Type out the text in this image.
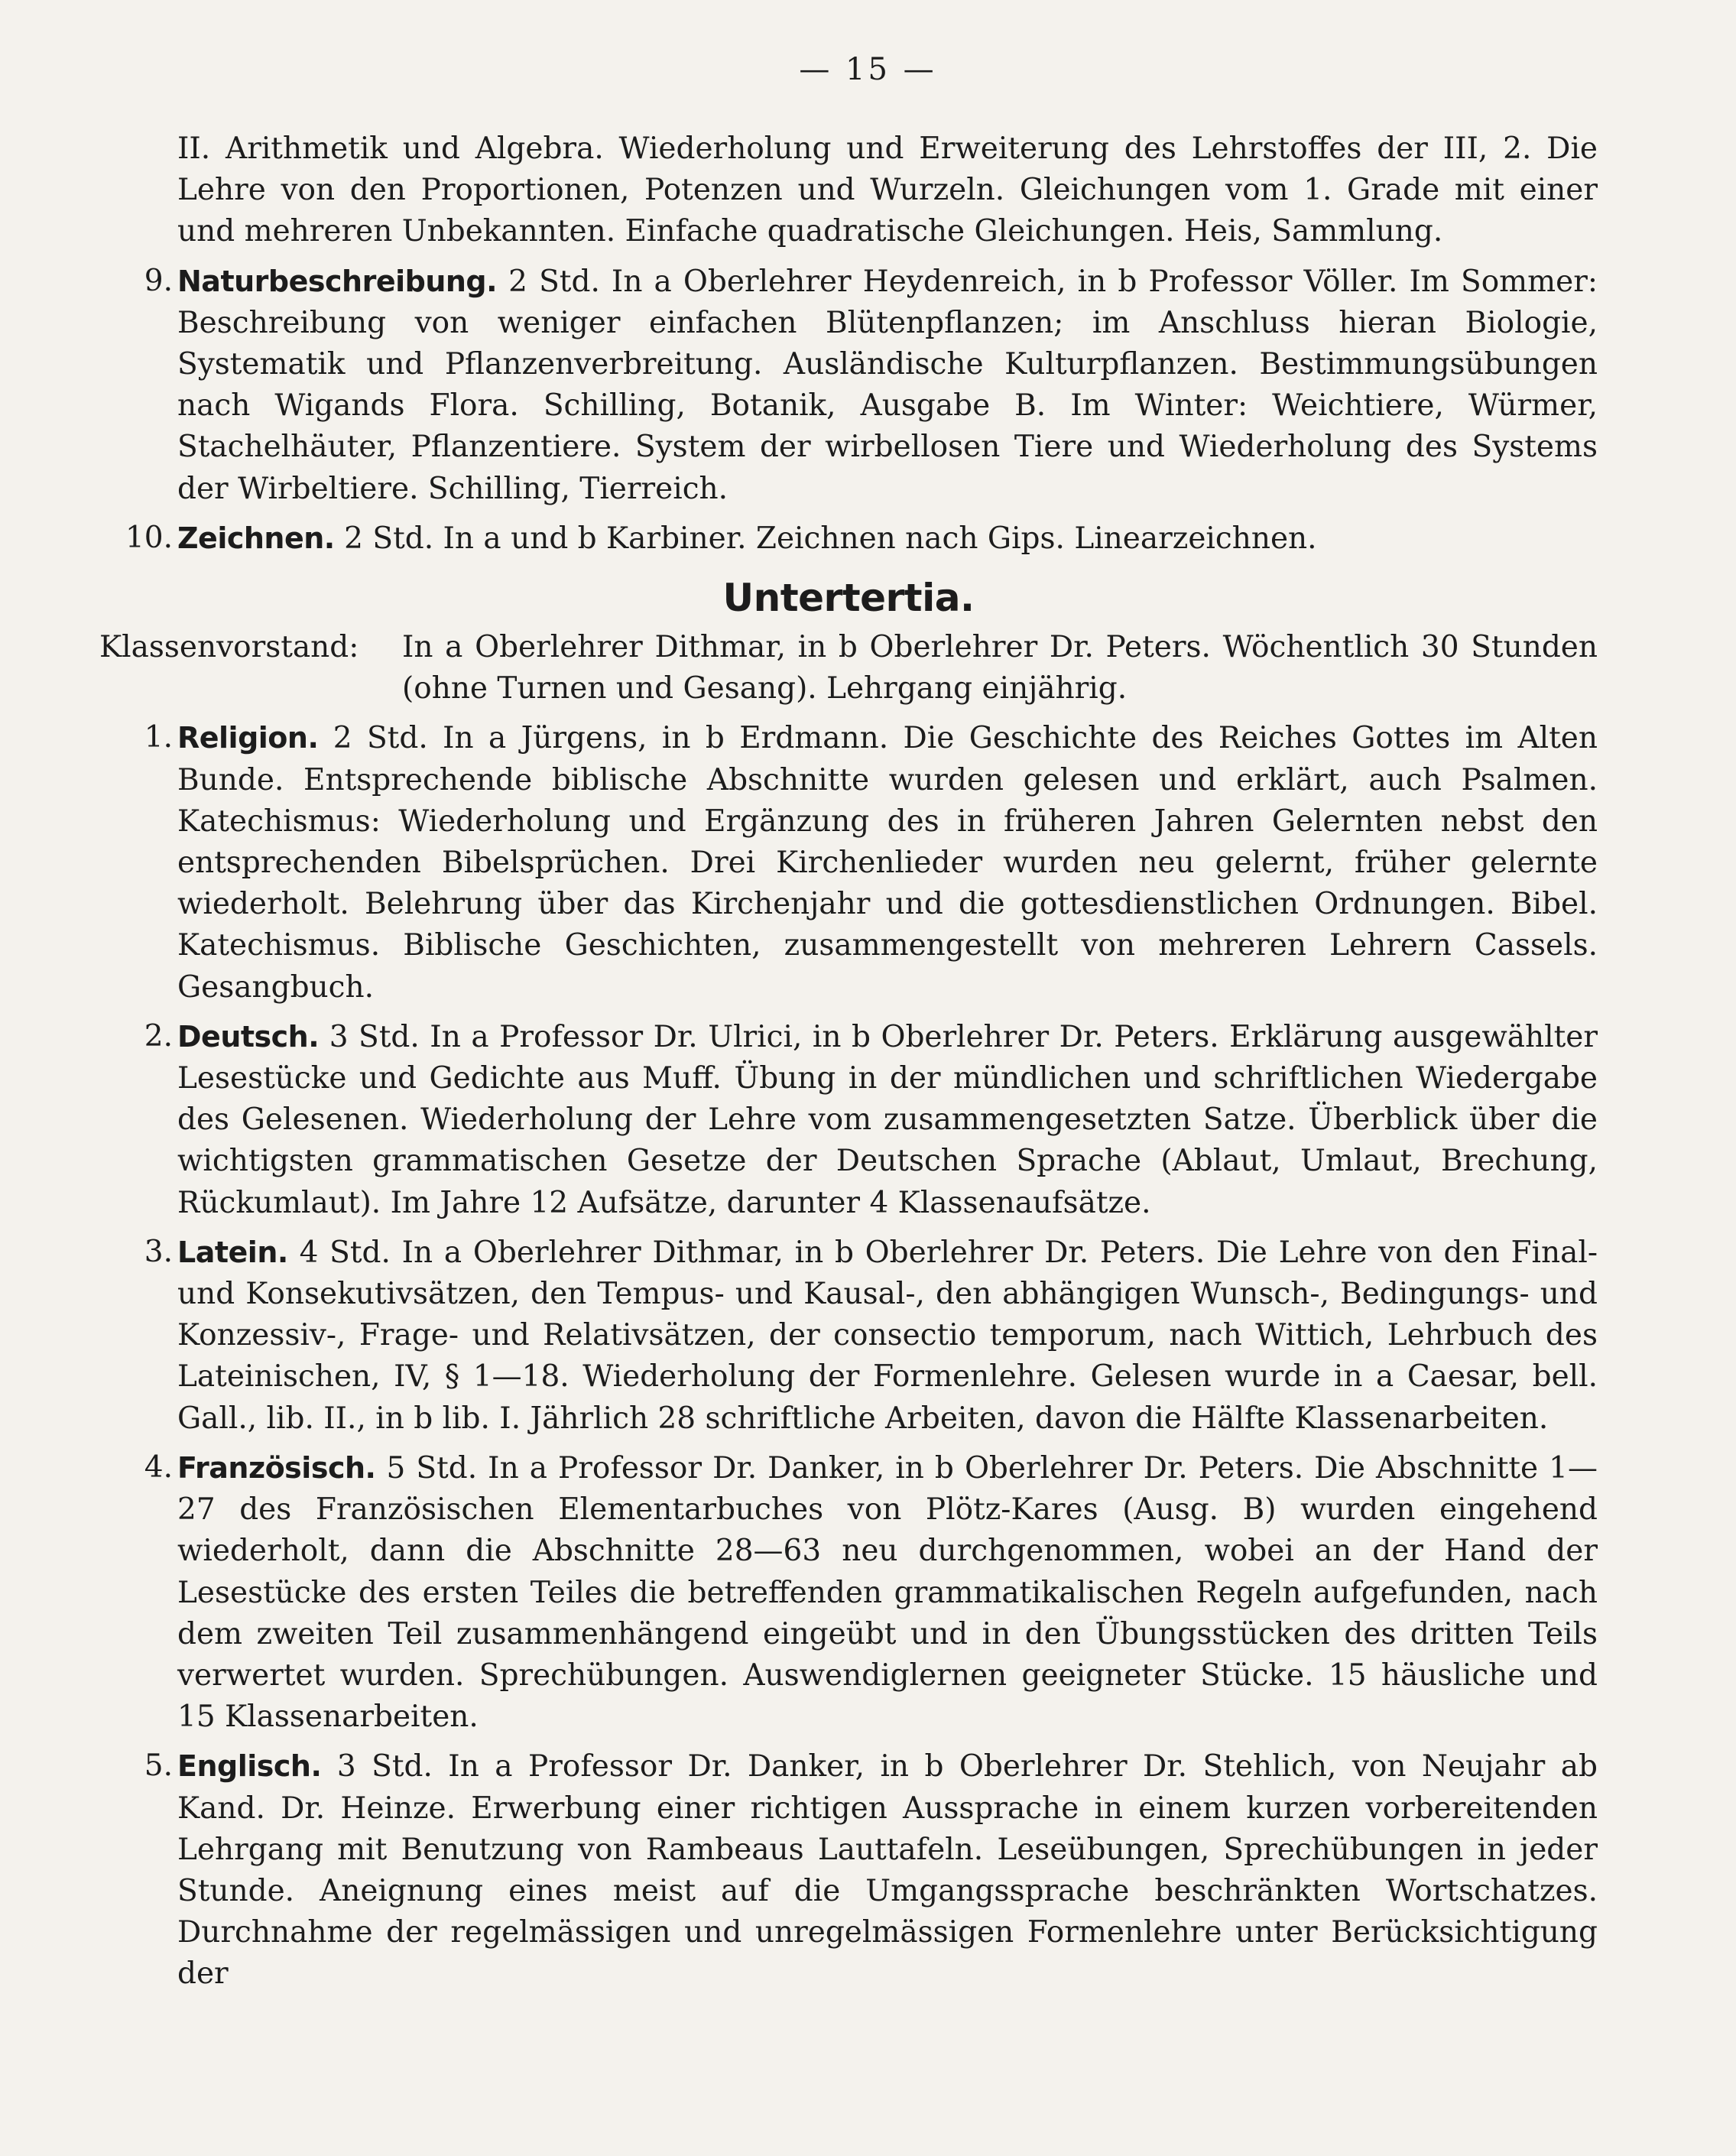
— 15 —

II. Arithmetik und Algebra. Wiederholung und Erweiterung des Lehrstoffes der III, 2. Die Lehre von den Proportionen, Potenzen und Wurzeln. Gleichungen vom 1. Grade mit einer und mehreren Unbekannten. Einfache quadratische Gleichungen. Heis, Sammlung.

9. Naturbeschreibung. 2 Std. In a Oberlehrer Heydenreich, in b Professor Völler. Im Sommer: Beschreibung von weniger einfachen Blütenpflanzen; im Anschluss hieran Biologie, Systematik und Pflanzenverbreitung. Ausländische Kulturpflanzen. Bestimmungsübungen nach Wigands Flora. Schilling, Botanik, Ausgabe B. Im Winter: Weichtiere, Würmer, Stachelhäuter, Pflanzentiere. System der wirbellosen Tiere und Wiederholung des Systems der Wirbeltiere. Schilling, Tierreich.
10. Zeichnen. 2 Std. In a und b Karbiner. Zeichnen nach Gips. Linearzeichnen.
Untertertia.
Klassenvorstand: In a Oberlehrer Dithmar, in b Oberlehrer Dr. Peters. Wöchentlich 30 Stunden (ohne Turnen und Gesang). Lehrgang einjährig.
1. Religion. 2 Std. In a Jürgens, in b Erdmann. Die Geschichte des Reiches Gottes im Alten Bunde. Entsprechende biblische Abschnitte wurden gelesen und erklärt, auch Psalmen. Katechismus: Wiederholung und Ergänzung des in früheren Jahren Gelernten nebst den entsprechenden Bibelsprüchen. Drei Kirchenlieder wurden neu gelernt, früher gelernte wiederholt. Belehrung über das Kirchenjahr und die gottesdienstlichen Ordnungen. Bibel. Katechismus. Biblische Geschichten, zusammengestellt von mehreren Lehrern Cassels. Gesangbuch.
2. Deutsch. 3 Std. In a Professor Dr. Ulrici, in b Oberlehrer Dr. Peters. Erklärung ausgewählter Lesestücke und Gedichte aus Muff. Übung in der mündlichen und schriftlichen Wiedergabe des Gelesenen. Wiederholung der Lehre vom zusammengesetzten Satze. Überblick über die wichtigsten grammatischen Gesetze der Deutschen Sprache (Ablaut, Umlaut, Brechung, Rückumlaut). Im Jahre 12 Aufsätze, darunter 4 Klassenaufsätze.
3. Latein. 4 Std. In a Oberlehrer Dithmar, in b Oberlehrer Dr. Peters. Die Lehre von den Final- und Konsekutivsätzen, den Tempus- und Kausal-, den abhängigen Wunsch-, Bedingungs- und Konzessiv-, Frage- und Relativsätzen, der consectio temporum, nach Wittich, Lehrbuch des Lateinischen, IV, § 1—18. Wiederholung der Formenlehre. Gelesen wurde in a Caesar, bell. Gall., lib. II., in b lib. I. Jährlich 28 schriftliche Arbeiten, davon die Hälfte Klassenarbeiten.
4. Französisch. 5 Std. In a Professor Dr. Danker, in b Oberlehrer Dr. Peters. Die Abschnitte 1—27 des Französischen Elementarbuches von Plötz-Kares (Ausg. B) wurden eingehend wiederholt, dann die Abschnitte 28—63 neu durchgenommen, wobei an der Hand der Lesestücke des ersten Teiles die betreffenden grammatikalischen Regeln aufgefunden, nach dem zweiten Teil zusammenhängend eingeübt und in den Übungsstücken des dritten Teils verwertet wurden. Sprechübungen. Auswendiglernen geeigneter Stücke. 15 häusliche und 15 Klassenarbeiten.
5. Englisch. 3 Std. In a Professor Dr. Danker, in b Oberlehrer Dr. Stehlich, von Neujahr ab Kand. Dr. Heinze. Erwerbung einer richtigen Aussprache in einem kurzen vorbereitenden Lehrgang mit Benutzung von Rambeaus Lauttafeln. Leseübungen, Sprechübungen in jeder Stunde. Aneignung eines meist auf die Umgangssprache beschränkten Wortschatzes. Durchnahme der regelmässigen und unregelmässigen Formenlehre unter Berücksichtigung der
